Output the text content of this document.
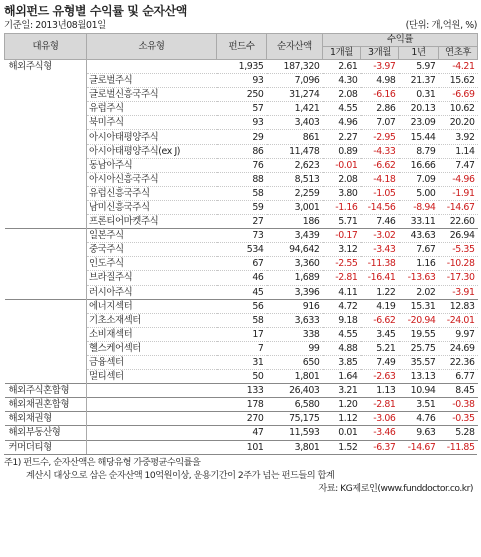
해외펀드 유형별 수익률 및 순자산액
기준일: 2013년08월01일	(단위: 개,억원, %)
대유형	소유형	펀드수	순자산액	수익률			
				1개월	3개월	1년	연초후
해외주식형		1,935	187,320	2.61	-3.97	5.97	-4.21
	글로벌주식	93	7,096	4.30	4.98	21.37	15.62
	글로벌신흥국주식	250	31,274	2.08	-6.16	0.31	-6.69
	유럽주식	57	1,421	4.55	2.86	20.13	10.62
	북미주식	93	3,403	4.96	7.07	23.09	20.20
	아시아태평양주식	29	861	2.27	-2.95	15.44	3.92
	아시아태평양주식(ex J)	86	11,478	0.89	-4.33	8.79	1.14
	동남아주식	76	2,623	-0.01	-6.62	16.66	7.47
	아시아신흥국주식	88	8,513	2.08	-4.18	7.09	-4.96
	유럽신흥국주식	58	2,259	3.80	-1.05	5.00	-1.91
	남미신흥국주식	59	3,001	-1.16	-14.56	-8.94	-14.67
	프론티어마켓주식	27	186	5.71	7.46	33.11	22.60
	일본주식	73	3,439	-0.17	-3.02	43.63	26.94
	중국주식	534	94,642	3.12	-3.43	7.67	-5.35
	인도주식	67	3,360	-2.55	-11.38	1.16	-10.28
	브라질주식	46	1,689	-2.81	-16.41	-13.63	-17.30
	러시아주식	45	3,396	4.11	1.22	2.02	-3.91
	에너지섹터	56	916	4.72	4.19	15.31	12.83
	기초소재섹터	58	3,633	9.18	-6.62	-20.94	-24.01
	소비재섹터	17	338	4.55	3.45	19.55	9.97
	헬스케어섹터	7	99	4.88	5.21	25.75	24.69
	금융섹터	31	650	3.85	7.49	35.57	22.36
	멀티섹터	50	1,801	1.64	-2.63	13.13	6.77
해외주식혼합형		133	26,403	3.21	1.13	10.94	8.45
해외채권혼합형		178	6,580	1.20	-2.81	3.51	-0.38
해외채권형		270	75,175	1.12	-3.06	4.76	-0.35
해외부동산형		47	11,593	0.01	-3.46	9.63	5.28
커머더티형		101	3,801	1.52	-6.37	-14.67	-11.85
주1) 펀드수, 순자산액은 해당유형 가중평균수익률을
계산시 대상으로 삼은 순자산액 10억원이상, 운용기간이 2주가 넘는 펀드들의 합계
자료: KG제로인(www.funddoctor.co.kr)
